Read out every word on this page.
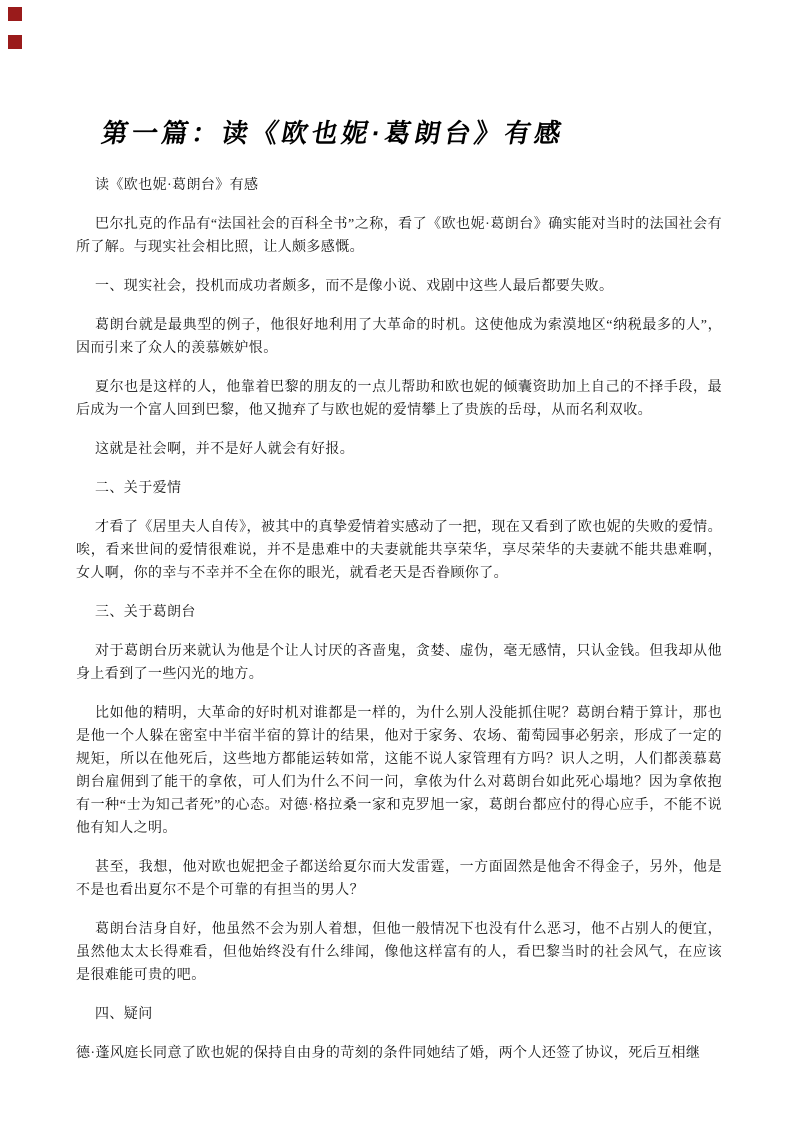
第一篇：读《欧也妮·葛朗台》有感

读《欧也妮·葛朗台》有感

巴尔扎克的作品有“法国社会的百科全书”之称，看了《欧也妮·葛朗台》确实能对当时的法国社会有所了解。与现实社会相比照，让人颇多感慨。

一、现实社会，投机而成功者颇多，而不是像小说、戏剧中这些人最后都要失败。

葛朗台就是最典型的例子，他很好地利用了大革命的时机。这使他成为索漠地区“纳税最多的人”，因而引来了众人的羡慕嫉妒恨。

夏尔也是这样的人，他靠着巴黎的朋友的一点儿帮助和欧也妮的倾囊资助加上自己的不择手段，最后成为一个富人回到巴黎，他又抛弃了与欧也妮的爱情攀上了贵族的岳母，从而名利双收。

这就是社会啊，并不是好人就会有好报。

二、关于爱情

才看了《居里夫人自传》，被其中的真挚爱情着实感动了一把，现在又看到了欧也妮的失败的爱情。唉，看来世间的爱情很难说，并不是患难中的夫妻就能共享荣华，享尽荣华的夫妻就不能共患难啊，女人啊，你的幸与不幸并不全在你的眼光，就看老天是否眷顾你了。

三、关于葛朗台

对于葛朗台历来就认为他是个让人讨厌的吝啬鬼，贪婪、虚伪，毫无感情，只认金钱。但我却从他身上看到了一些闪光的地方。

比如他的精明，大革命的好时机对谁都是一样的，为什么别人没能抓住呢？葛朗台精于算计，那也是他一个人躲在密室中半宿半宿的算计的结果，他对于家务、农场、葡萄园事必躬亲，形成了一定的规矩，所以在他死后，这些地方都能运转如常，这能不说人家管理有方吗？识人之明，人们都羡慕葛朗台雇佣到了能干的拿侬，可人们为什么不问一问，拿侬为什么对葛朗台如此死心塌地？因为拿侬抱有一种“士为知己者死”的心态。对德·格拉桑一家和克罗旭一家，葛朗台都应付的得心应手，不能不说他有知人之明。

甚至，我想，他对欧也妮把金子都送给夏尔而大发雷霆，一方面固然是他舍不得金子，另外，他是不是也看出夏尔不是个可靠的有担当的男人？

葛朗台洁身自好，他虽然不会为别人着想，但他一般情况下也没有什么恶习，他不占别人的便宜，虽然他太太长得难看，但他始终没有什么绯闻，像他这样富有的人，看巴黎当时的社会风气，在应该是很难能可贵的吧。

四、疑问

德·蓬风庭长同意了欧也妮的保持自由身的苛刻的条件同她结了婚，两个人还签了协议，死后互相继
